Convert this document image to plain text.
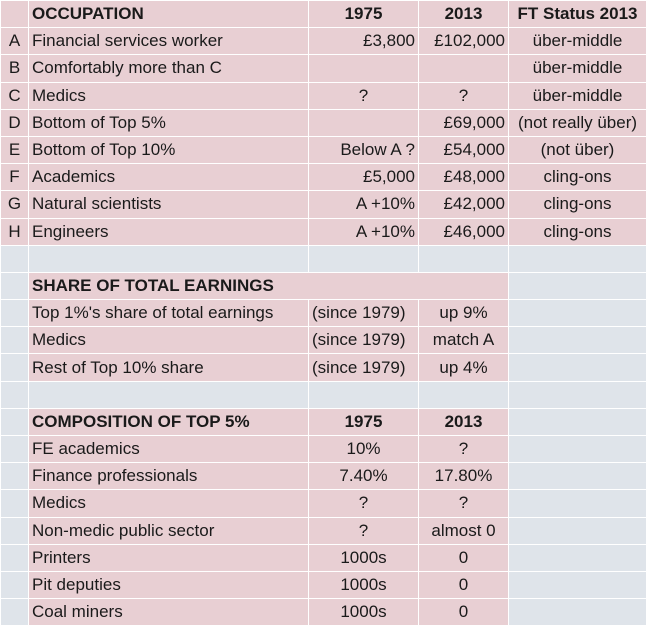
	OCCUPATION	1975	2013	FT Status 2013
A	Financial services worker	£3,800	£102,000	über-middle
B	Comfortably more than C			über-middle
C	Medics	?	?	über-middle
D	Bottom of Top 5%		£69,000	(not really über)
E	Bottom of Top 10%	Below A ?	£54,000	(not über)
F	Academics	£5,000	£48,000	cling-ons
G	Natural scientists	A +10%	£42,000	cling-ons
H	Engineers	A +10%	£46,000	cling-ons

	SHARE OF TOTAL EARNINGS			
	Top 1%'s share of total earnings	(since 1979)	up 9%	
	Medics	(since 1979)	match A	
	Rest of Top 10% share	(since 1979)	up 4%	

	COMPOSITION OF TOP 5%	1975	2013	
	FE academics	10%	?	
	Finance professionals	7.40%	17.80%	
	Medics	?	?	
	Non-medic public sector	?	almost 0	
	Printers	1000s	0	
	Pit deputies	1000s	0	
	Coal miners	1000s	0	
